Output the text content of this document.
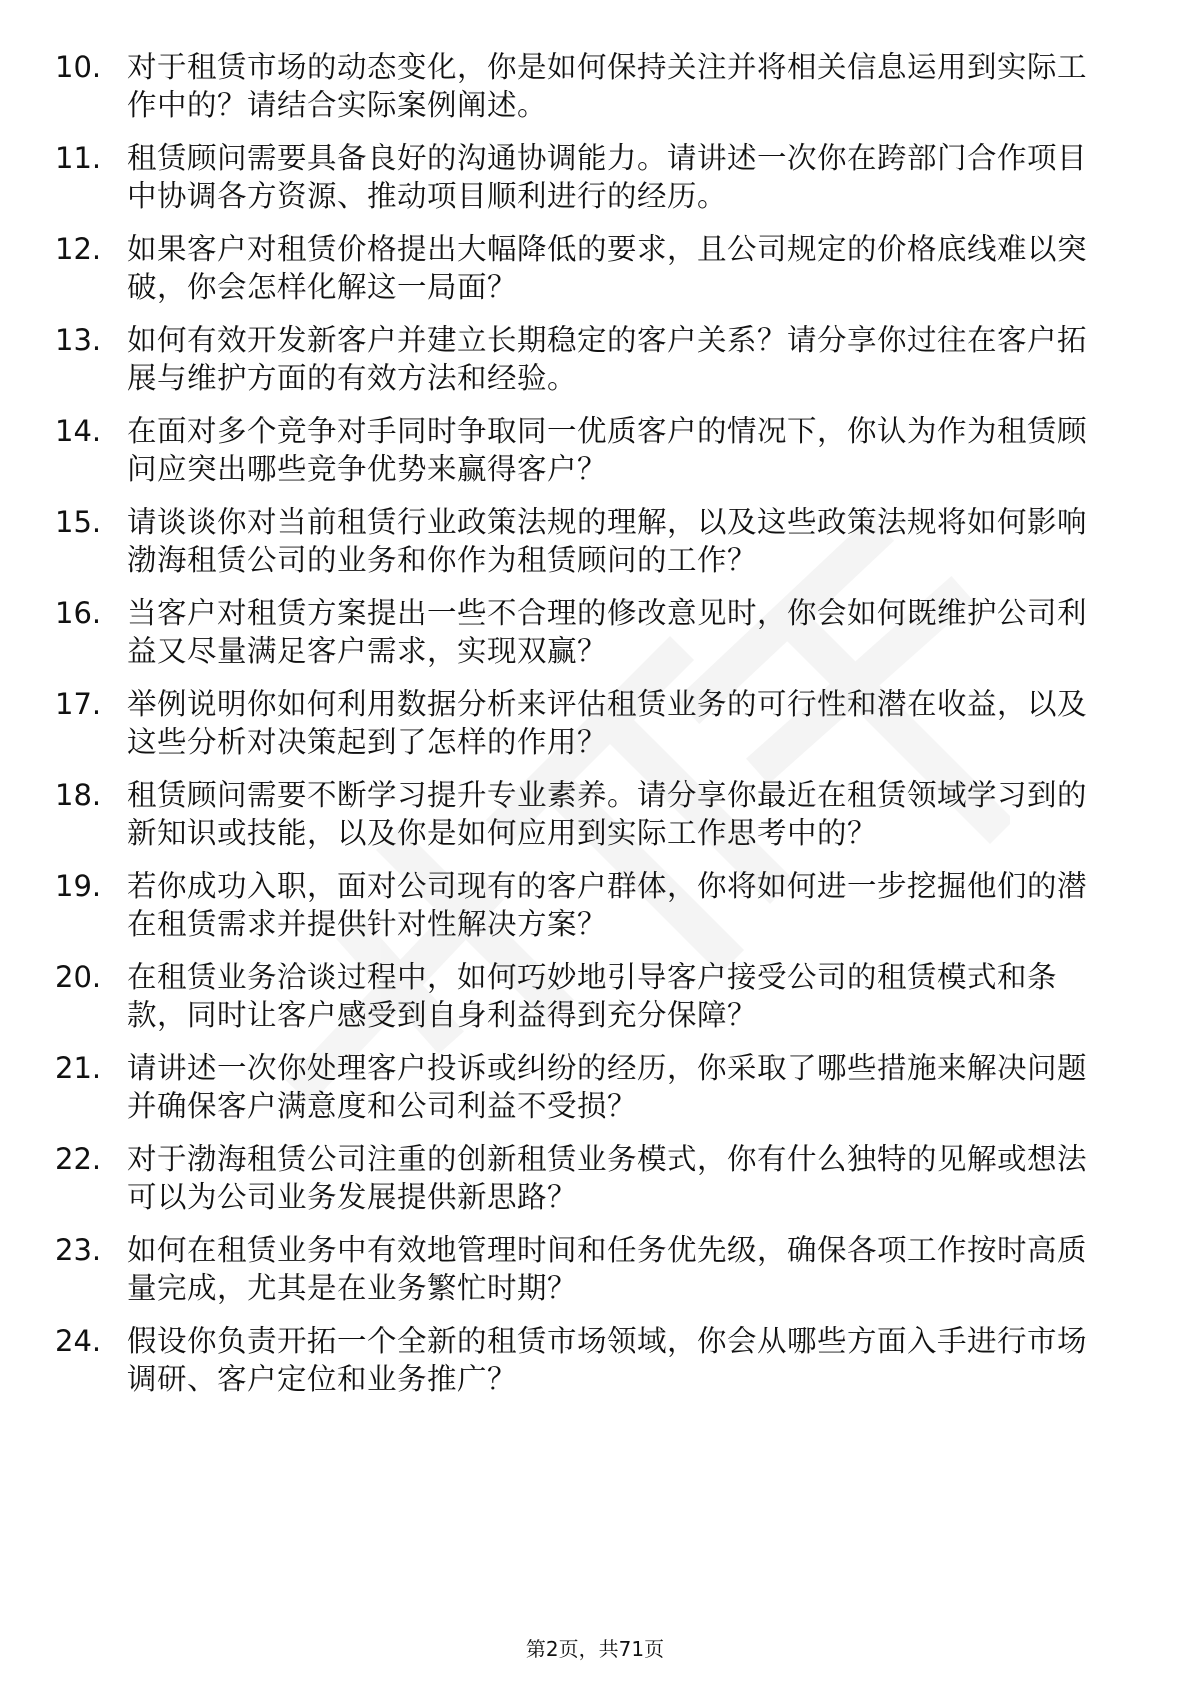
10. 对于租赁市场的动态变化，你是如何保持关注并将相关信息运用到实际工作中的？请结合实际案例阐述。
11. 租赁顾问需要具备良好的沟通协调能力。请讲述一次你在跨部门合作项目中协调各方资源、推动项目顺利进行的经历。
12. 如果客户对租赁价格提出大幅降低的要求，且公司规定的价格底线难以突破，你会怎样化解这一局面？
13. 如何有效开发新客户并建立长期稳定的客户关系？请分享你过往在客户拓展与维护方面的有效方法和经验。
14. 在面对多个竞争对手同时争取同一优质客户的情况下，你认为作为租赁顾问应突出哪些竞争优势来赢得客户？
15. 请谈谈你对当前租赁行业政策法规的理解，以及这些政策法规将如何影响渤海租赁公司的业务和你作为租赁顾问的工作？
16. 当客户对租赁方案提出一些不合理的修改意见时，你会如何既维护公司利益又尽量满足客户需求，实现双赢？
17. 举例说明你如何利用数据分析来评估租赁业务的可行性和潜在收益，以及这些分析对决策起到了怎样的作用？
18. 租赁顾问需要不断学习提升专业素养。请分享你最近在租赁领域学习到的新知识或技能，以及你是如何应用到实际工作思考中的？
19. 若你成功入职，面对公司现有的客户群体，你将如何进一步挖掘他们的潜在租赁需求并提供针对性解决方案？
20. 在租赁业务洽谈过程中，如何巧妙地引导客户接受公司的租赁模式和条款，同时让客户感受到自身利益得到充分保障？
21. 请讲述一次你处理客户投诉或纠纷的经历，你采取了哪些措施来解决问题并确保客户满意度和公司利益不受损？
22. 对于渤海租赁公司注重的创新租赁业务模式，你有什么独特的见解或想法可以为公司业务发展提供新思路？
23. 如何在租赁业务中有效地管理时间和任务优先级，确保各项工作按时高质量完成，尤其是在业务繁忙时期？
24. 假设你负责开拓一个全新的租赁市场领域，你会从哪些方面入手进行市场调研、客户定位和业务推广？
第2页，共71页
